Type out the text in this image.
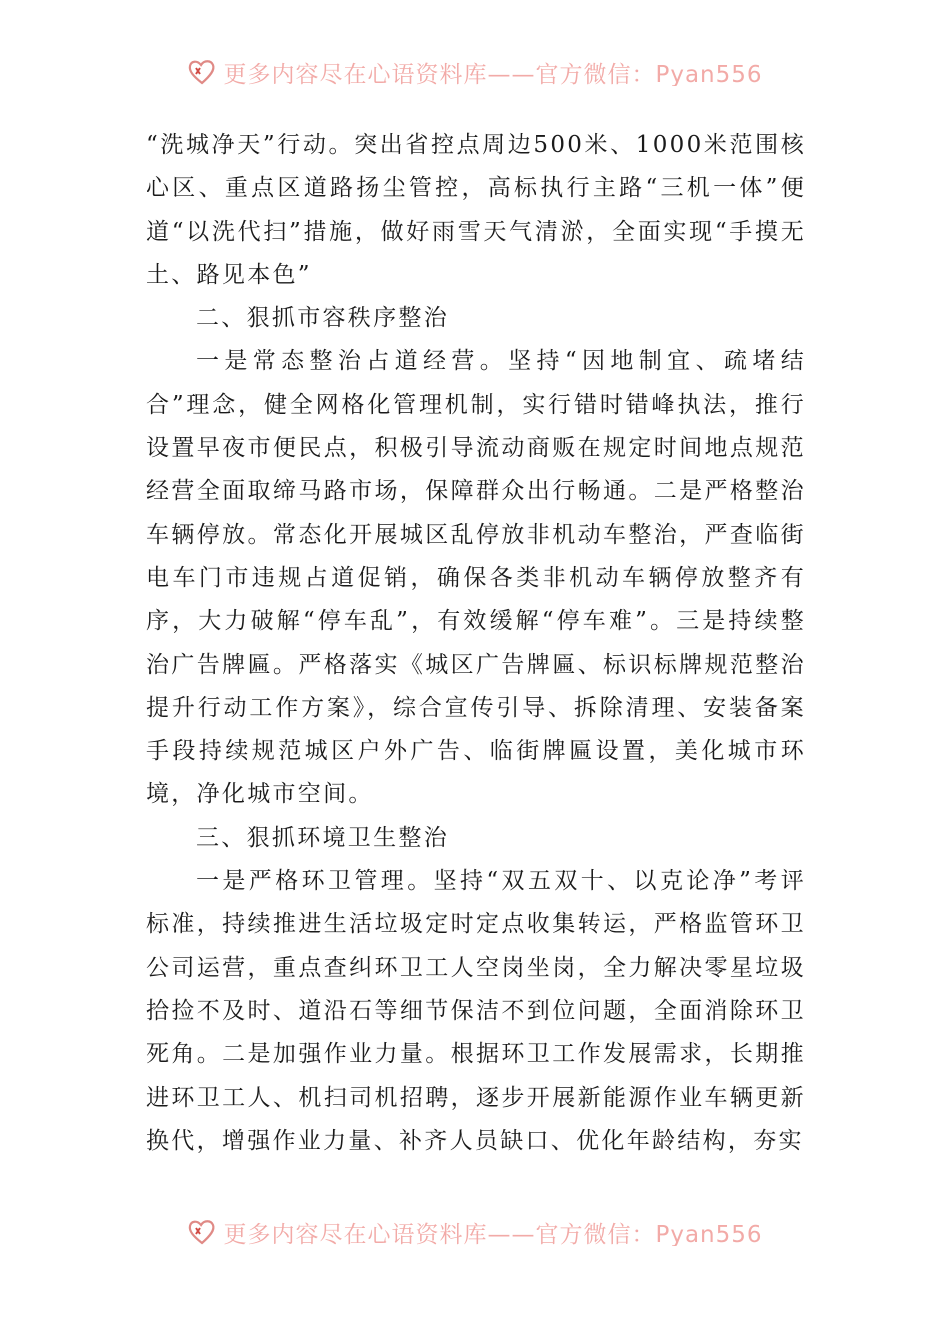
更多内容尽在心语资料库——官方微信：Pyan556

“洗城净天”行动。突出省控点周边500米、1000米范围核心区、重点区道路扬尘管控，高标执行主路“三机一体”便道“以洗代扫”措施，做好雨雪天气清淤，全面实现“手摸无土、路见本色”

二、狠抓市容秩序整治

一是常态整治占道经营。坚持“因地制宜、疏堵结合”理念，健全网格化管理机制，实行错时错峰执法，推行设置早夜市便民点，积极引导流动商贩在规定时间地点规范经营全面取缔马路市场，保障群众出行畅通。二是严格整治车辆停放。常态化开展城区乱停放非机动车整治，严查临街电车门市违规占道促销，确保各类非机动车辆停放整齐有序，大力破解“停车乱”，有效缓解“停车难”。三是持续整治广告牌匾。严格落实《城区广告牌匾、标识标牌规范整治提升行动工作方案》，综合宣传引导、拆除清理、安装备案手段持续规范城区户外广告、临街牌匾设置，美化城市环境，净化城市空间。

三、狠抓环境卫生整治

一是严格环卫管理。坚持“双五双十、以克论净”考评标准，持续推进生活垃圾定时定点收集转运，严格监管环卫公司运营，重点查纠环卫工人空岗坐岗，全力解决零星垃圾拾捡不及时、道沿石等细节保洁不到位问题，全面消除环卫死角。二是加强作业力量。根据环卫工作发展需求，长期推进环卫工人、机扫司机招聘，逐步开展新能源作业车辆更新换代，增强作业力量、补齐人员缺口、优化年龄结构，夯实

更多内容尽在心语资料库——官方微信：Pyan556
